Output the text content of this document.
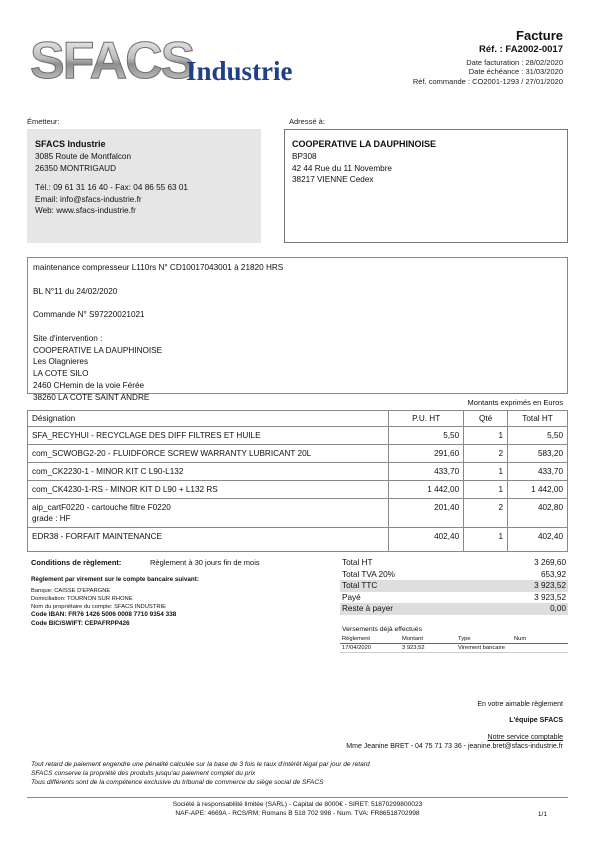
SFACS
Industrie
Facture
Réf. : FA2002-0017
Date facturation : 28/02/2020
Date échéance : 31/03/2020
Réf. commande : CO2001-1293 / 27/01/2020
Émetteur:
SFACS Industrie
3085 Route de Montfalcon
26350 MONTRIGAUD
Tél.: 09 61 31 16 40 - Fax: 04 86 55 63 01
Email: info@sfacs-industrie.fr
Web: www.sfacs-industrie.fr
Adressé à:
COOPERATIVE LA DAUPHINOISE
BP308
42 44 Rue du 11 Novembre
38217 VIENNE Cedex
maintenance compresseur L110rs N° CD10017043001 à 21820 HRS
BL N°11 du 24/02/2020
Commande N° S97220021021
Site d'intervention :
COOPERATIVE LA DAUPHINOISE
Les Olagnieres
LA COTE SILO
2460 CHemin de la voie Férée
38260 LA COTE SAINT ANDRE
Montants exprimés en Euros
Désignation	P.U. HT	Qté	Total HT
SFA_RECYHUI - RECYCLAGE DES DIFF FILTRES ET HUILE	5,50	1	5,50
com_SCWOBG2-20 - FLUIDFORCE SCREW WARRANTY LUBRICANT 20L	291,60	2	583,20
com_CK2230-1 - MINOR KIT C L90-L132	433,70	1	433,70
com_CK4230-1-RS - MINOR KIT D L90 + L132 RS	1 442,00	1	1 442,00

aip_cartF0220 - cartouche filtre F0220
grade : HF	201,40	2	402,80
EDR38 - FORFAIT MAINTENANCE	402,40	1	402,40
Conditions de règlement:	Règlement à 30 jours fin de mois
Règlement par virement sur le compte bancaire suivant:
Banque: CAISSE D'EPARGNE
Domiciliation: TOURNON SUR RHONE
Nom du propriétaire du compte: SFACS INDUSTRIE
Code IBAN: FR76 1426 5006 0008 7710 9354 338
Code BIC/SWIFT: CEPAFRPP426
Total HT	3 269,60
Total TVA 20%	653,92
Total TTC	3 923,52
Payé	3 923,52
Reste à payer	0,00
Versements déjà effectués
Règlement	Montant	Type	Num
17/04/2020	3 923,52	Virement bancaire	
En votre aimable règlement
L'équipe SFACS
Notre service comptable
Mme Jeanine BRET - 04 75 71 73 36 - jeanine.bret@sfacs-industrie.fr
Tout retard de paiement engendre une pénalité calculée sur la base de 3 fois le taux d'intérêt légal par jour de retard
SFACS conserve la propriété des produits jusqu'au paiement complet du prix
Tous différents sont de la compétence exclusive du tribunal de commerce du siège social de SFACS
Société à responsabilité limitée (SARL) - Capital de 8000€ - SIRET: 51870299800023
NAF-APE: 4669A - RCS/RM: Romans B 518 702 998 - Num. TVA: FR86518702998	1/1
